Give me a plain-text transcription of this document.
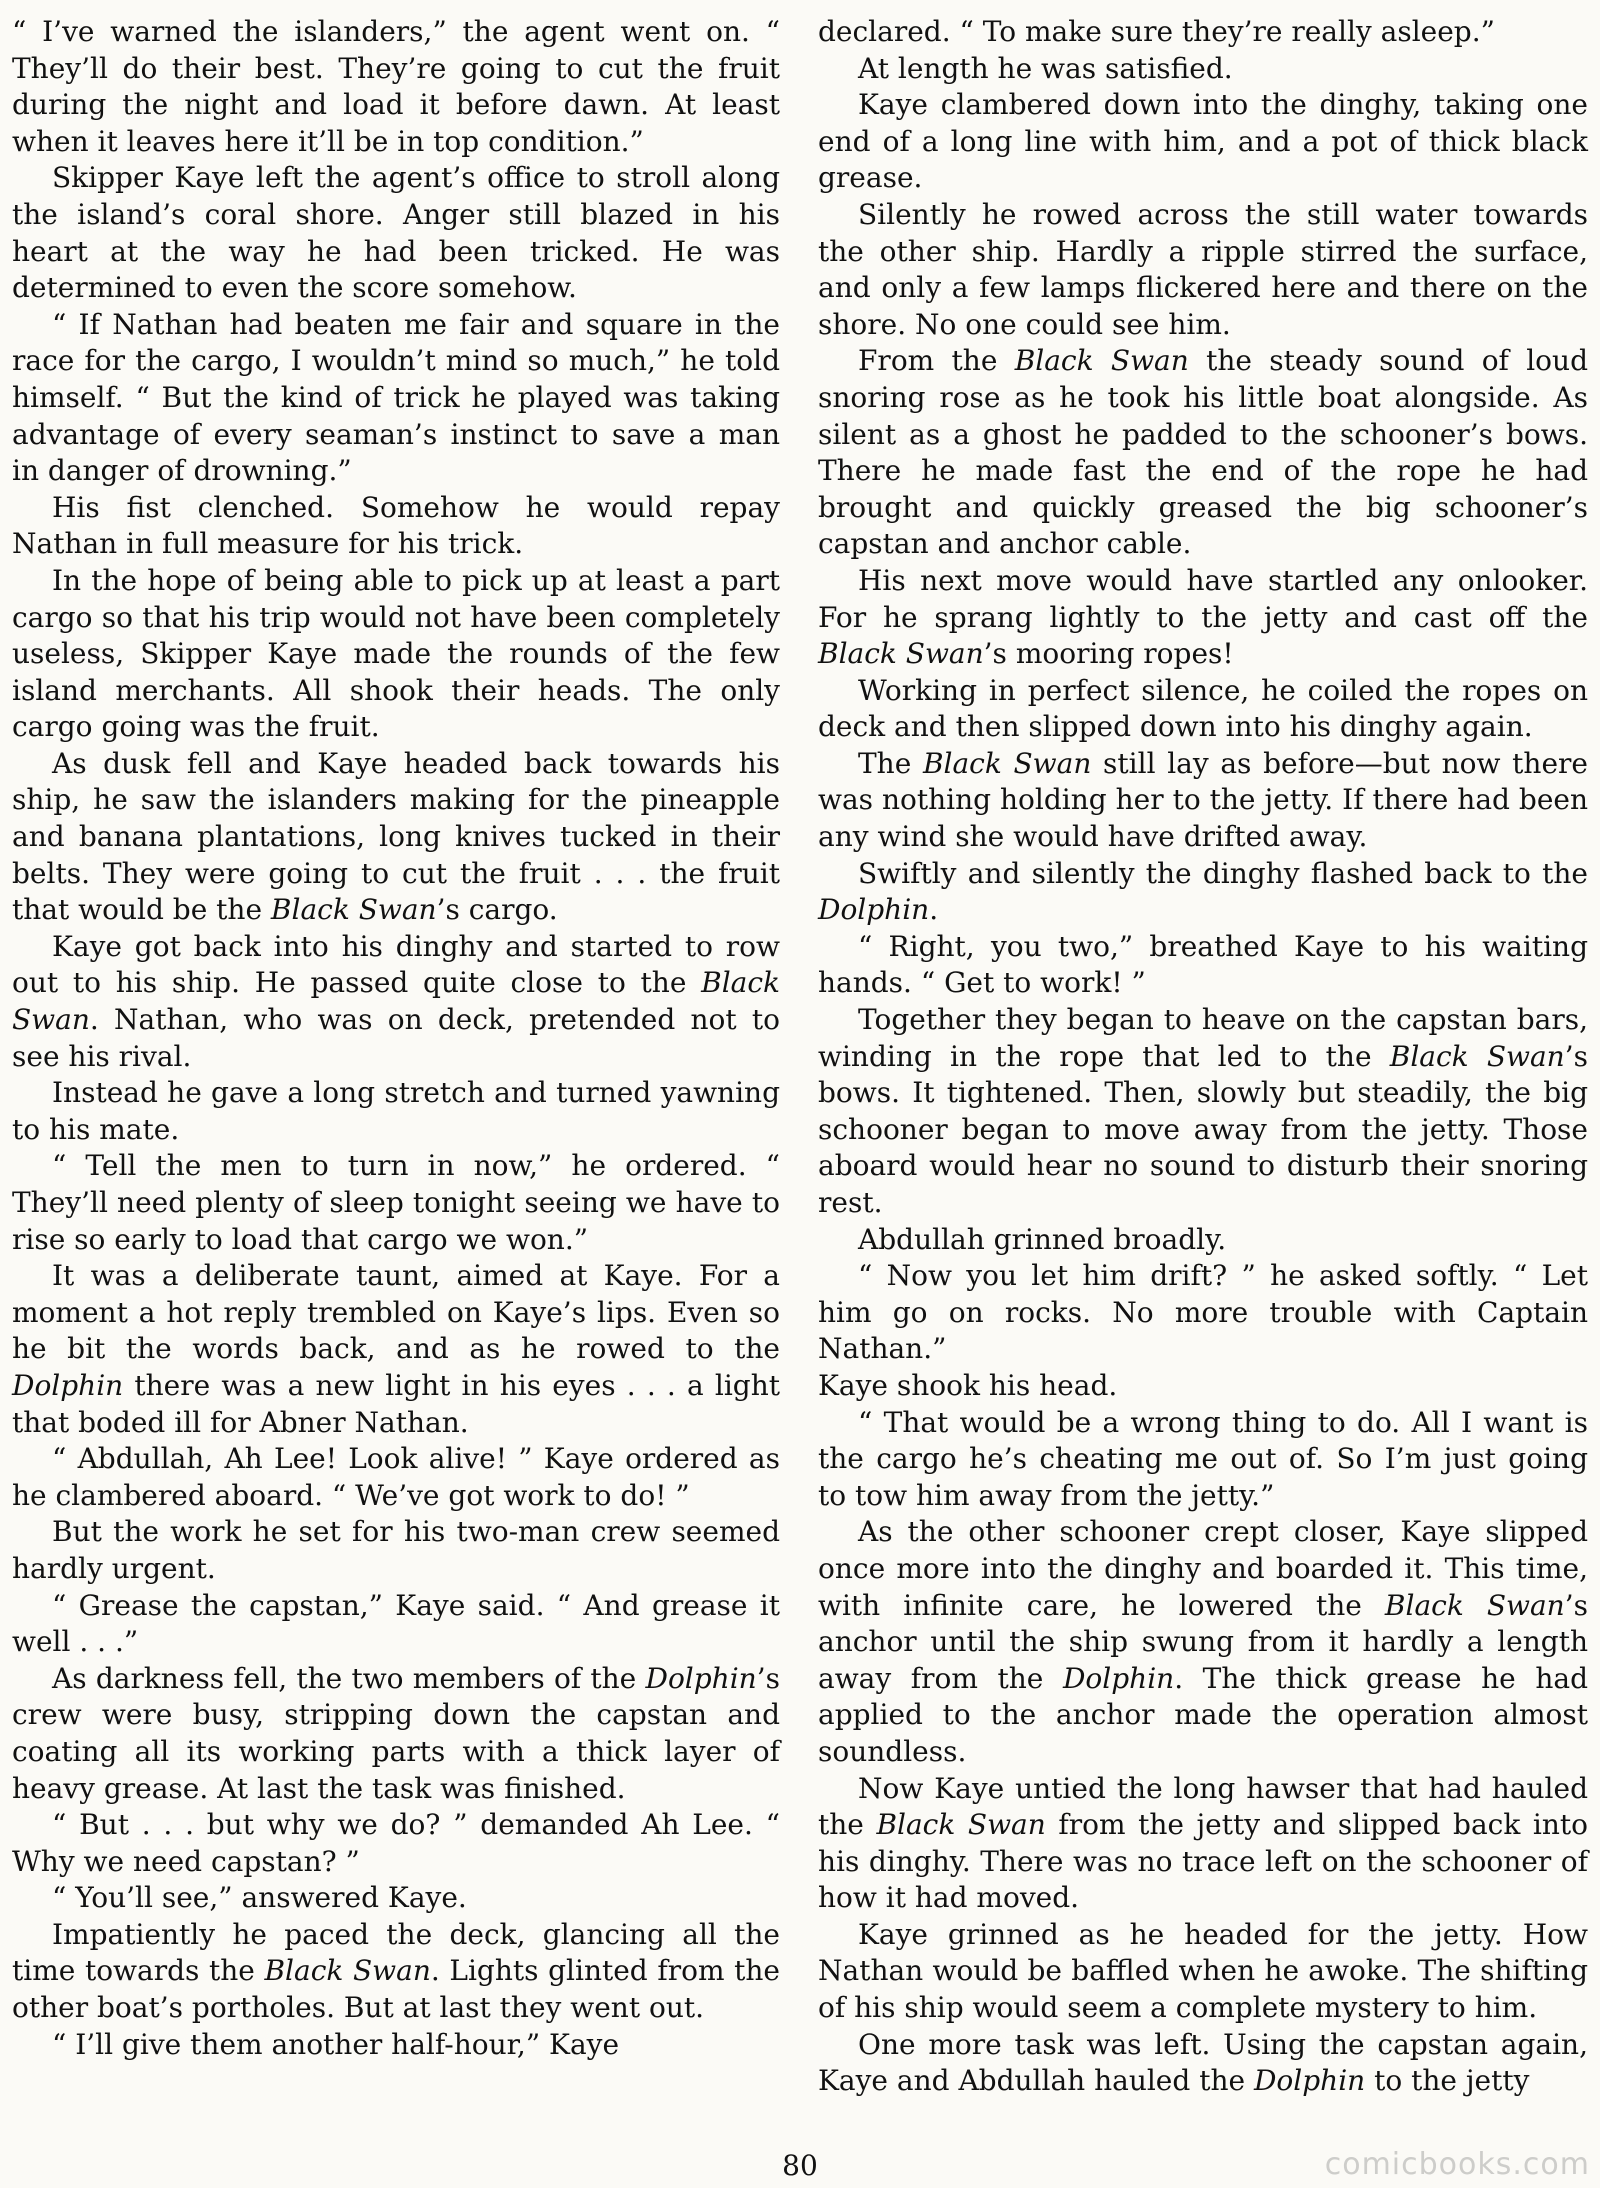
“ I’ve warned the islanders,” the agent went on. “ They’ll do their best. They’re going to cut the fruit during the night and load it before dawn. At least when it leaves here it’ll be in top condition.”

Skipper Kaye left the agent’s office to stroll along the island’s coral shore. Anger still blazed in his heart at the way he had been tricked. He was determined to even the score somehow.

“ If Nathan had beaten me fair and square in the race for the cargo, I wouldn’t mind so much,” he told himself. “ But the kind of trick he played was taking advantage of every seaman’s instinct to save a man in danger of drowning.”

His fist clenched. Somehow he would repay Nathan in full measure for his trick.

In the hope of being able to pick up at least a part cargo so that his trip would not have been completely useless, Skipper Kaye made the rounds of the few island merchants. All shook their heads. The only cargo going was the fruit.

As dusk fell and Kaye headed back towards his ship, he saw the islanders making for the pineapple and banana plantations, long knives tucked in their belts. They were going to cut the fruit . . . the fruit that would be the Black Swan’s cargo.

Kaye got back into his dinghy and started to row out to his ship. He passed quite close to the Black Swan. Nathan, who was on deck, pretended not to see his rival.

Instead he gave a long stretch and turned yawning to his mate.

“ Tell the men to turn in now,” he ordered. “ They’ll need plenty of sleep tonight seeing we have to rise so early to load that cargo we won.”

It was a deliberate taunt, aimed at Kaye. For a moment a hot reply trembled on Kaye’s lips. Even so he bit the words back, and as he rowed to the Dolphin there was a new light in his eyes . . . a light that boded ill for Abner Nathan.

“ Abdullah, Ah Lee! Look alive! ” Kaye ordered as he clambered aboard. “ We’ve got work to do! ”

But the work he set for his two-man crew seemed hardly urgent.

“ Grease the capstan,” Kaye said. “ And grease it well . . .”

As darkness fell, the two members of the Dolphin’s crew were busy, stripping down the capstan and coating all its working parts with a thick layer of heavy grease. At last the task was finished.

“ But . . . but why we do? ” demanded Ah Lee. “ Why we need capstan? ”

“ You’ll see,” answered Kaye.

Impatiently he paced the deck, glancing all the time towards the Black Swan. Lights glinted from the other boat’s portholes. But at last they went out.

“ I’ll give them another half-hour,” Kaye

declared. “ To make sure they’re really asleep.”

At length he was satisfied.

Kaye clambered down into the dinghy, taking one end of a long line with him, and a pot of thick black grease.

Silently he rowed across the still water towards the other ship. Hardly a ripple stirred the surface, and only a few lamps flickered here and there on the shore. No one could see him.

From the Black Swan the steady sound of loud snoring rose as he took his little boat alongside. As silent as a ghost he padded to the schooner’s bows. There he made fast the end of the rope he had brought and quickly greased the big schooner’s capstan and anchor cable.

His next move would have startled any onlooker. For he sprang lightly to the jetty and cast off the Black Swan’s mooring ropes!

Working in perfect silence, he coiled the ropes on deck and then slipped down into his dinghy again.

The Black Swan still lay as before—but now there was nothing holding her to the jetty. If there had been any wind she would have drifted away.

Swiftly and silently the dinghy flashed back to the Dolphin.

“ Right, you two,” breathed Kaye to his waiting hands. “ Get to work! ”

Together they began to heave on the capstan bars, winding in the rope that led to the Black Swan’s bows. It tightened. Then, slowly but steadily, the big schooner began to move away from the jetty. Those aboard would hear no sound to disturb their snoring rest.

Abdullah grinned broadly.

“ Now you let him drift? ” he asked softly. “ Let him go on rocks. No more trouble with Captain Nathan.”

Kaye shook his head.

“ That would be a wrong thing to do. All I want is the cargo he’s cheating me out of. So I’m just going to tow him away from the jetty.”

As the other schooner crept closer, Kaye slipped once more into the dinghy and boarded it. This time, with infinite care, he lowered the Black Swan’s anchor until the ship swung from it hardly a length away from the Dolphin. The thick grease he had applied to the anchor made the operation almost soundless.

Now Kaye untied the long hawser that had hauled the Black Swan from the jetty and slipped back into his dinghy. There was no trace left on the schooner of how it had moved.

Kaye grinned as he headed for the jetty. How Nathan would be baffled when he awoke. The shifting of his ship would seem a complete mystery to him.

One more task was left. Using the capstan again, Kaye and Abdullah hauled the Dolphin to the jetty

80	comicbooks.com
